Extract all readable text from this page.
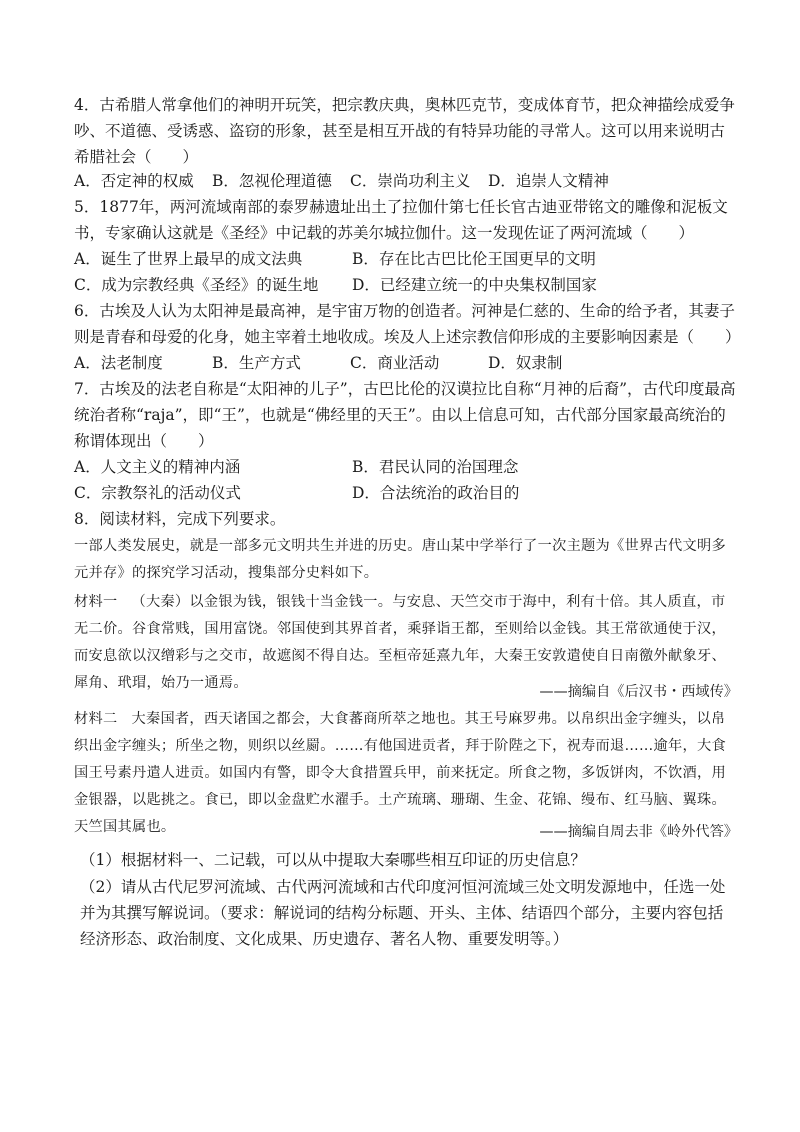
4．古希腊人常拿他们的神明开玩笑，把宗教庆典，奥林匹克节，变成体育节，把众神描绘成爱争吵、不道德、受诱惑、盗窃的形象，甚至是相互开战的有特异功能的寻常人。这可以用来说明古希腊社会（　　）

A．否定神的权威 B．忽视伦理道德 C．崇尚功利主义 D．追崇人文精神

5．1877年，两河流域南部的泰罗赫遗址出土了拉伽什第七任长官古迪亚带铭文的雕像和泥板文书，专家确认这就是《圣经》中记载的苏美尔城拉伽什。这一发现佐证了两河流域（　　）

A．诞生了世界上最早的成文法典	B．存在比古巴比伦王国更早的文明
C．成为宗教经典《圣经》的诞生地 D．已经建立统一的中央集权制国家

6．古埃及人认为太阳神是最高神，是宇宙万物的创造者。河神是仁慈的、生命的给予者，其妻子则是青春和母爱的化身，她主宰着土地收成。埃及人上述宗教信仰形成的主要影响因素是（　　）

A．法老制度	B．生产方式	C．商业活动	D．奴隶制

7．古埃及的法老自称是“太阳神的儿子”，古巴比伦的汉谟拉比自称“月神的后裔”，古代印度最高统治者称“raja”，即“王”，也就是“佛经里的天王”。由以上信息可知，古代部分国家最高统治的称谓体现出（　　）

A．人文主义的精神内涵	B．君民认同的治国理念
C．宗教祭礼的活动仪式	D．合法统治的政治目的

8．阅读材料，完成下列要求。

一部人类发展史，就是一部多元文明共生并进的历史。唐山某中学举行了一次主题为《世界古代文明多元并存》的探究学习活动，搜集部分史料如下。

材料一 （大秦）以金银为钱，银钱十当金钱一。与安息、天竺交市于海中，利有十倍。其人质直，市无二价。谷食常贱，国用富饶。邻国使到其界首者，乘驿诣王都，至则给以金钱。其王常欲通使于汉，而安息欲以汉缯彩与之交市，故遮阂不得自达。至桓帝延熹九年，大秦王安敦遣使自日南徼外献象牙、犀角、玳瑁，始乃一通焉。

——摘编自《后汉书・西域传》

材料二 大秦国者，西天诸国之都会，大食蕃商所萃之地也。其王号麻罗弗。以帛织出金字缠头，以帛织出金字缠头；所坐之物，则织以丝罽。……有他国进贡者，拜于阶陛之下，祝寿而退……逾年，大食国王号素丹遣人进贡。如国内有警，即令大食措置兵甲，前来抚定。所食之物，多饭饼肉，不饮酒，用金银器，以匙挑之。食已，即以金盘贮水濯手。土产琉璃、珊瑚、生金、花锦、缦布、红马脑、翼珠。天竺国其属也。	——摘编自周去非《岭外代答》

（1）根据材料一、二记载，可以从中提取大秦哪些相互印证的历史信息？

（2）请从古代尼罗河流域、古代两河流域和古代印度河恒河流域三处文明发源地中，任选一处并为其撰写解说词。（要求：解说词的结构分标题、开头、主体、结语四个部分，主要内容包括经济形态、政治制度、文化成果、历史遗存、著名人物、重要发明等。）
